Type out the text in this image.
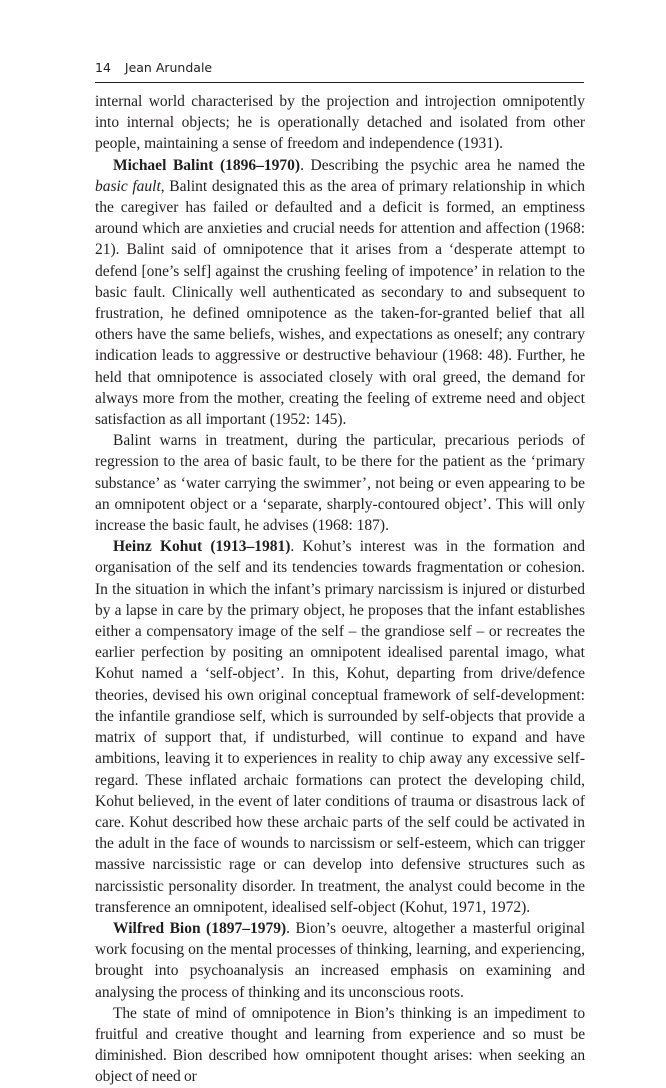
14 Jean Arundale

internal world characterised by the projection and introjection omnipotently into internal objects; he is operationally detached and isolated from other people, maintaining a sense of freedom and independence (1931).

Michael Balint (1896–1970). Describing the psychic area he named the basic fault, Balint designated this as the area of primary relationship in which the caregiver has failed or defaulted and a deficit is formed, an emptiness around which are anxieties and crucial needs for attention and affection (1968: 21). Balint said of omnipotence that it arises from a ‘desperate attempt to defend [one’s self] against the crushing feeling of impotence’ in relation to the basic fault. Clinically well authenticated as secondary to and subsequent to frustration, he defined omnipotence as the taken-for-granted belief that all others have the same beliefs, wishes, and expectations as oneself; any contrary indication leads to aggressive or destructive behaviour (1968: 48). Further, he held that omnipotence is associated closely with oral greed, the demand for always more from the mother, creating the feeling of extreme need and object satisfaction as all important (1952: 145).

Balint warns in treatment, during the particular, precarious periods of regression to the area of basic fault, to be there for the patient as the ‘primary substance’ as ‘water carrying the swimmer’, not being or even appearing to be an omnipotent object or a ‘separate, sharply-contoured object’. This will only increase the basic fault, he advises (1968: 187).

Heinz Kohut (1913–1981). Kohut’s interest was in the formation and organisation of the self and its tendencies towards fragmentation or cohesion. In the situation in which the infant’s primary narcissism is injured or disturbed by a lapse in care by the primary object, he proposes that the infant establishes either a compensatory image of the self – the grandiose self – or recreates the earlier perfection by positing an omnipotent idealised parental imago, what Kohut named a ‘self-object’. In this, Kohut, departing from drive/defence theories, devised his own original conceptual framework of self-development: the infantile grandiose self, which is surrounded by self-objects that provide a matrix of support that, if undisturbed, will continue to expand and have ambitions, leaving it to experiences in reality to chip away any excessive self-regard. These inflated archaic formations can protect the developing child, Kohut believed, in the event of later conditions of trauma or disastrous lack of care. Kohut described how these archaic parts of the self could be activated in the adult in the face of wounds to narcissism or self-esteem, which can trigger massive narcissistic rage or can develop into defensive structures such as narcissistic personality disorder. In treatment, the analyst could become in the transference an omnipotent, idealised self-object (Kohut, 1971, 1972).

Wilfred Bion (1897–1979). Bion’s oeuvre, altogether a masterful original work focusing on the mental processes of thinking, learning, and experiencing, brought into psychoanalysis an increased emphasis on examining and analysing the process of thinking and its unconscious roots.

The state of mind of omnipotence in Bion’s thinking is an impediment to fruitful and creative thought and learning from experience and so must be diminished. Bion described how omnipotent thought arises: when seeking an object of need or
